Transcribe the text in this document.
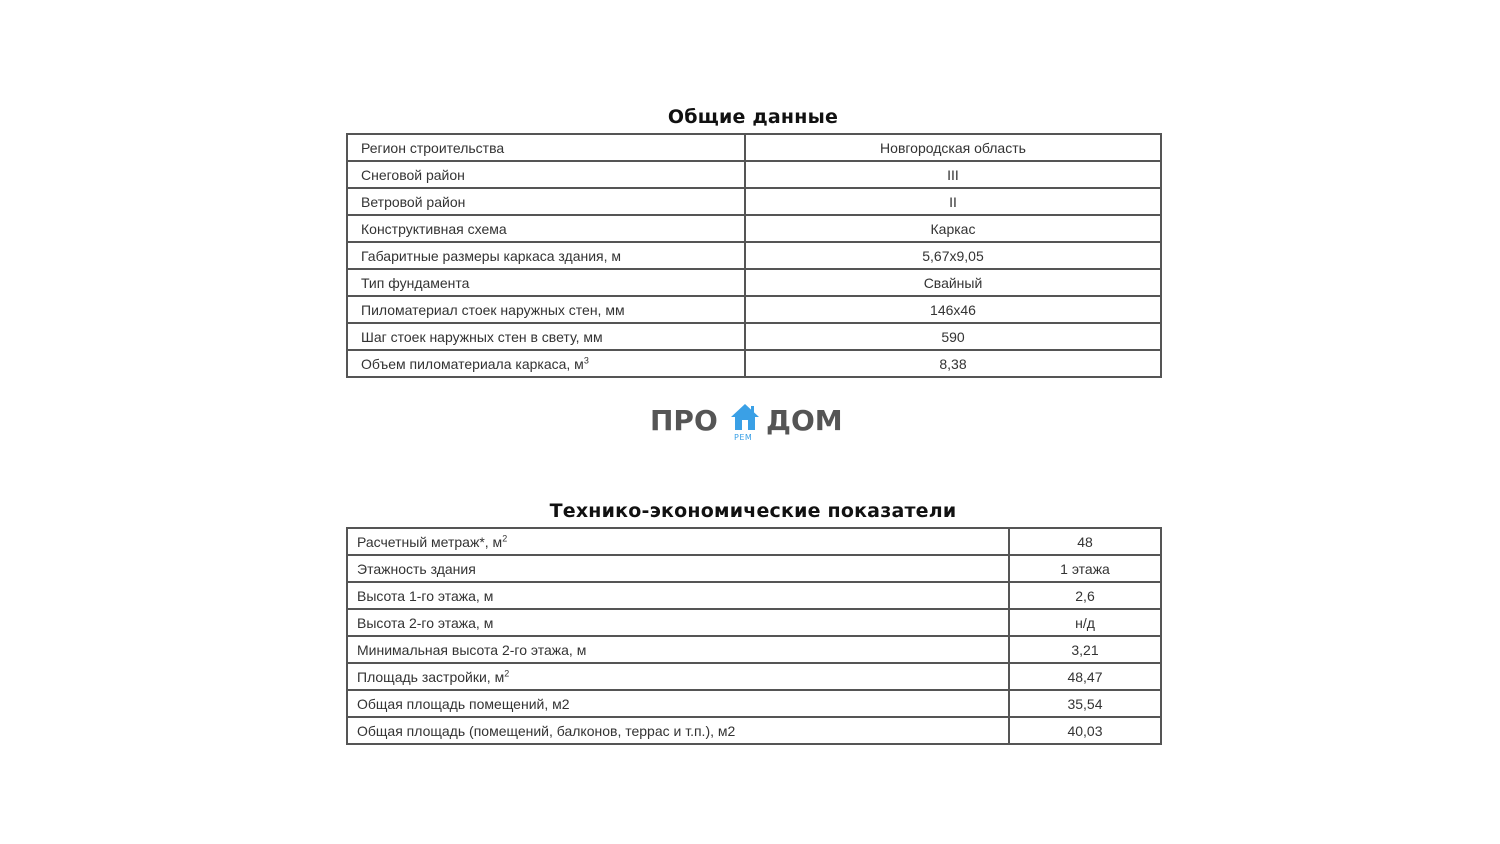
Общие данные
Регион строительства	Новгородская область
Снеговой район	III
Ветровой район	II
Конструктивная схема	Каркас
Габаритные размеры каркаса здания, м	5,67х9,05
Тип фундамента	Свайный
Пиломатериал стоек наружных стен, мм	146х46
Шаг стоек наружных стен в свету, мм	590
Объем пиломатериала каркаса, $м^3$	8,38
ПРО
РЕМ
ДОМ
Технико-экономические показатели
Расчетный метраж*, $м^2$	48
Этажность здания	1 этажа
Высота 1-го этажа, м	2,6
Высота 2-го этажа, м	н/д
Минимальная высота 2-го этажа, м	3,21
Площадь застройки, $м^2$	48,47
Общая площадь помещений, м2	35,54
Общая площадь (помещений, балконов, террас и т.п.), м2	40,03
